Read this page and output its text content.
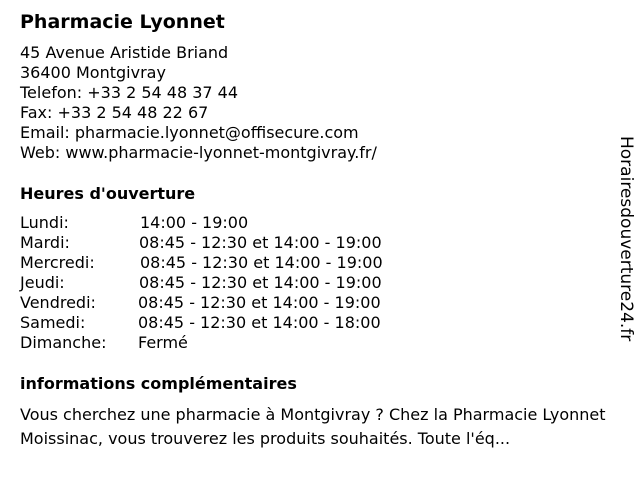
Pharmacie Lyonnet
45 Avenue Aristide Briand
36400 Montgivray
Telefon: +33 2 54 48 37 44
Fax: +33 2 54 48 22 67
Email: pharmacie.lyonnet@offisecure.com
Web: www.pharmacie-lyonnet-montgivray.fr/
Heures d'ouverture
Lundi:	14:00 - 19:00
Mardi:	08:45 - 12:30 et 14:00 - 19:00
Mercredi:	08:45 - 12:30 et 14:00 - 19:00
Jeudi:	08:45 - 12:30 et 14:00 - 19:00
Vendredi:	08:45 - 12:30 et 14:00 - 19:00
Samedi:	08:45 - 12:30 et 14:00 - 18:00
Dimanche: Fermé
informations complémentaires
Vous cherchez une pharmacie à Montgivray ? Chez la Pharmacie Lyonnet Moissinac, vous trouverez les produits souhaités. Toute l'éq...
Horairesdouverture24.fr
